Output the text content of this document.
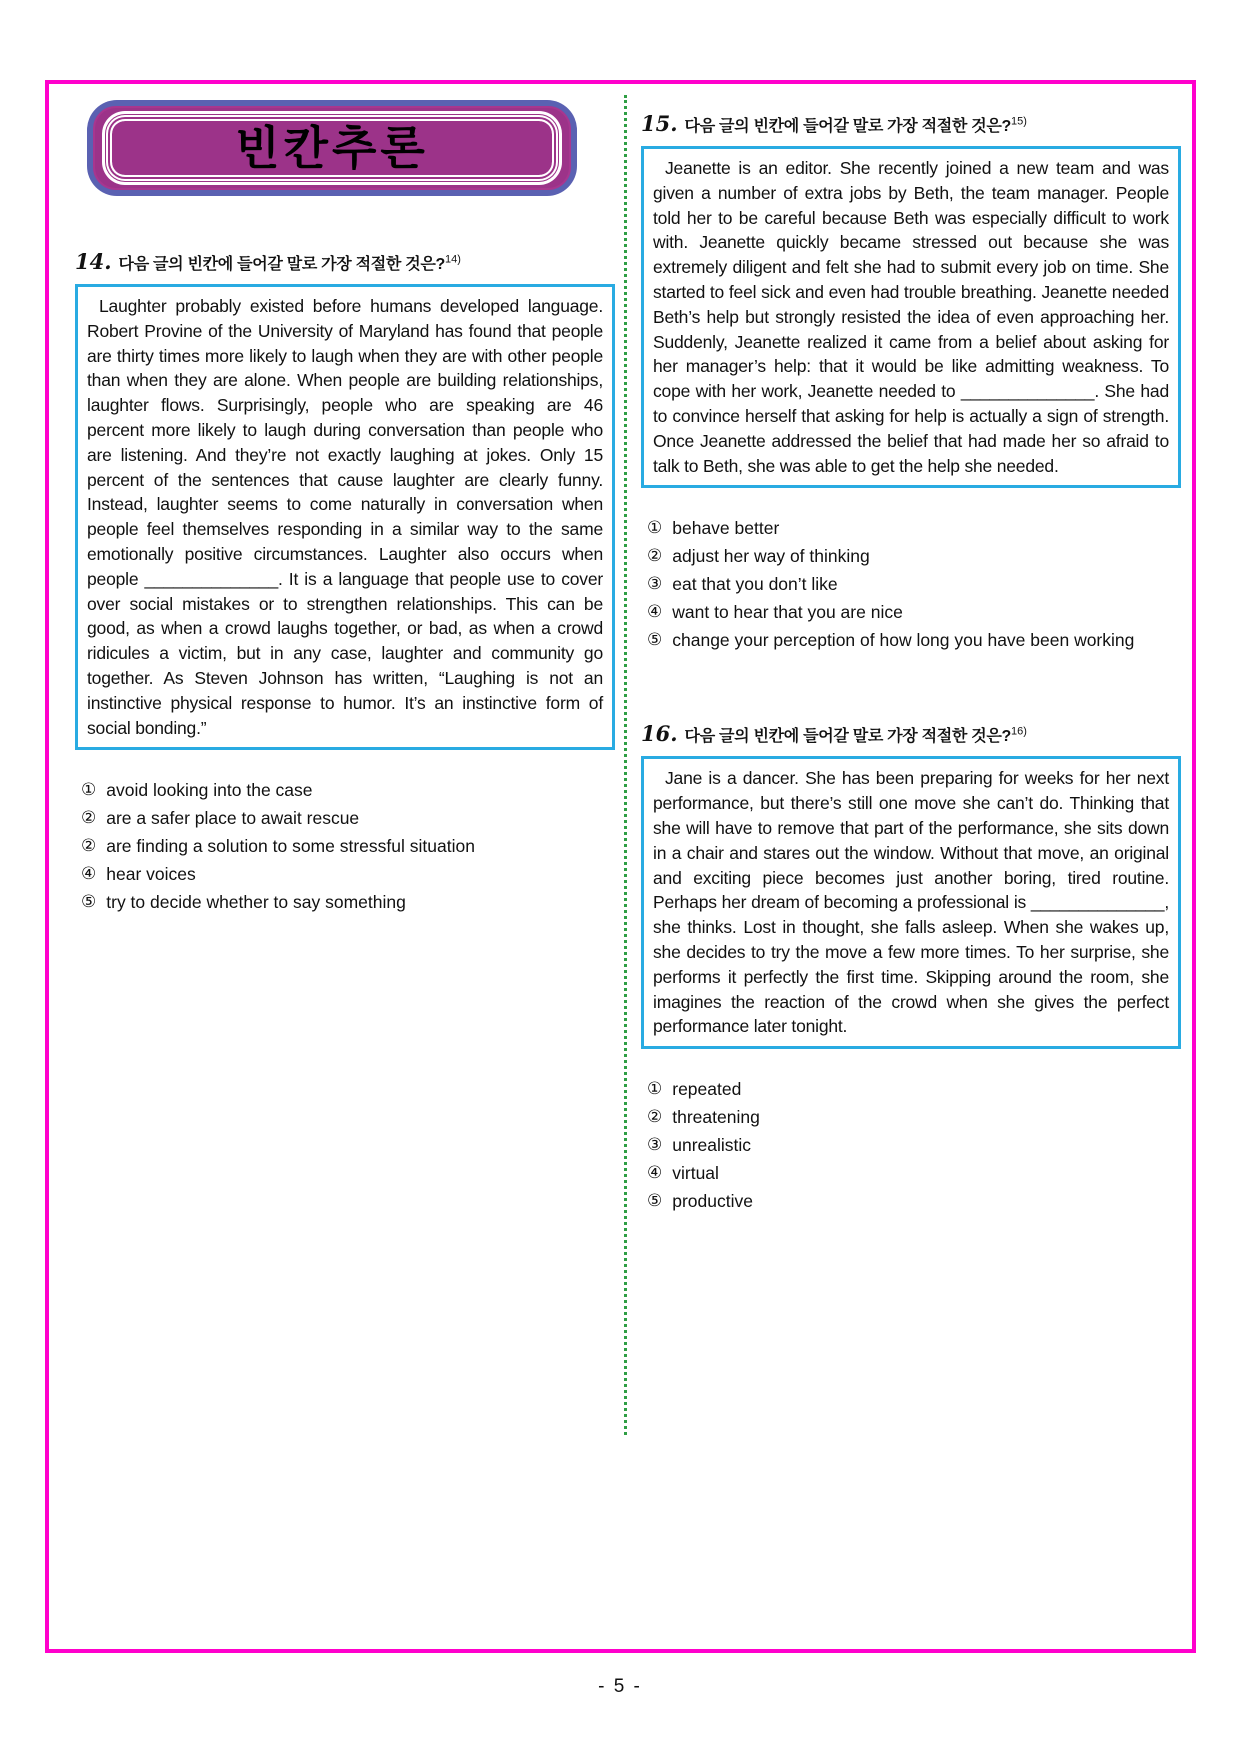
빈칸추론
14. 다음 글의 빈칸에 들어갈 말로 가장 적절한 것은?$^{14)}$
Laughter probably existed before humans developed language. Robert Provine of the University of Maryland has found that people are thirty times more likely to laugh when they are with other people than when they are alone. When people are building relationships, laughter flows. Surprisingly, people who are speaking are 46 percent more likely to laugh during conversation than people who are listening. And they’re not exactly laughing at jokes. Only 15 percent of the sentences that cause laughter are clearly funny. Instead, laughter seems to come naturally in conversation when people feel themselves responding in a similar way to the same emotionally positive circumstances. Laughter also occurs when people ______________. It is a language that people use to cover over social mistakes or to strengthen relationships. This can be good, as when a crowd laughs together, or bad, as when a crowd ridicules a victim, but in any case, laughter and community go together. As Steven Johnson has written, “Laughing is not an instinctive physical response to humor. It’s an instinctive form of social bonding.”
① avoid looking into the case
② are a safer place to await rescue
② are finding a solution to some stressful situation
④ hear voices
⑤ try to decide whether to say something
15. 다음 글의 빈칸에 들어갈 말로 가장 적절한 것은?$^{15)}$
Jeanette is an editor. She recently joined a new team and was given a number of extra jobs by Beth, the team manager. People told her to be careful because Beth was especially difficult to work with. Jeanette quickly became stressed out because she was extremely diligent and felt she had to submit every job on time. She started to feel sick and even had trouble breathing. Jeanette needed Beth’s help but strongly resisted the idea of even approaching her. Suddenly, Jeanette realized it came from a belief about asking for her manager’s help: that it would be like admitting weakness. To cope with her work, Jeanette needed to ______________. She had to convince herself that asking for help is actually a sign of strength. Once Jeanette addressed the belief that had made her so afraid to talk to Beth, she was able to get the help she needed.
① behave better
② adjust her way of thinking
③ eat that you don’t like
④ want to hear that you are nice
⑤ change your perception of how long you have been working
16. 다음 글의 빈칸에 들어갈 말로 가장 적절한 것은?$^{16)}$
Jane is a dancer. She has been preparing for weeks for her next performance, but there’s still one move she can’t do. Thinking that she will have to remove that part of the performance, she sits down in a chair and stares out the window. Without that move, an original and exciting piece becomes just another boring, tired routine. Perhaps her dream of becoming a professional is ______________, she thinks. Lost in thought, she falls asleep. When she wakes up, she decides to try the move a few more times. To her surprise, she performs it perfectly the first time. Skipping around the room, she imagines the reaction of the crowd when she gives the perfect performance later tonight.
① repeated
② threatening
③ unrealistic
④ virtual
⑤ productive
- 5 -
